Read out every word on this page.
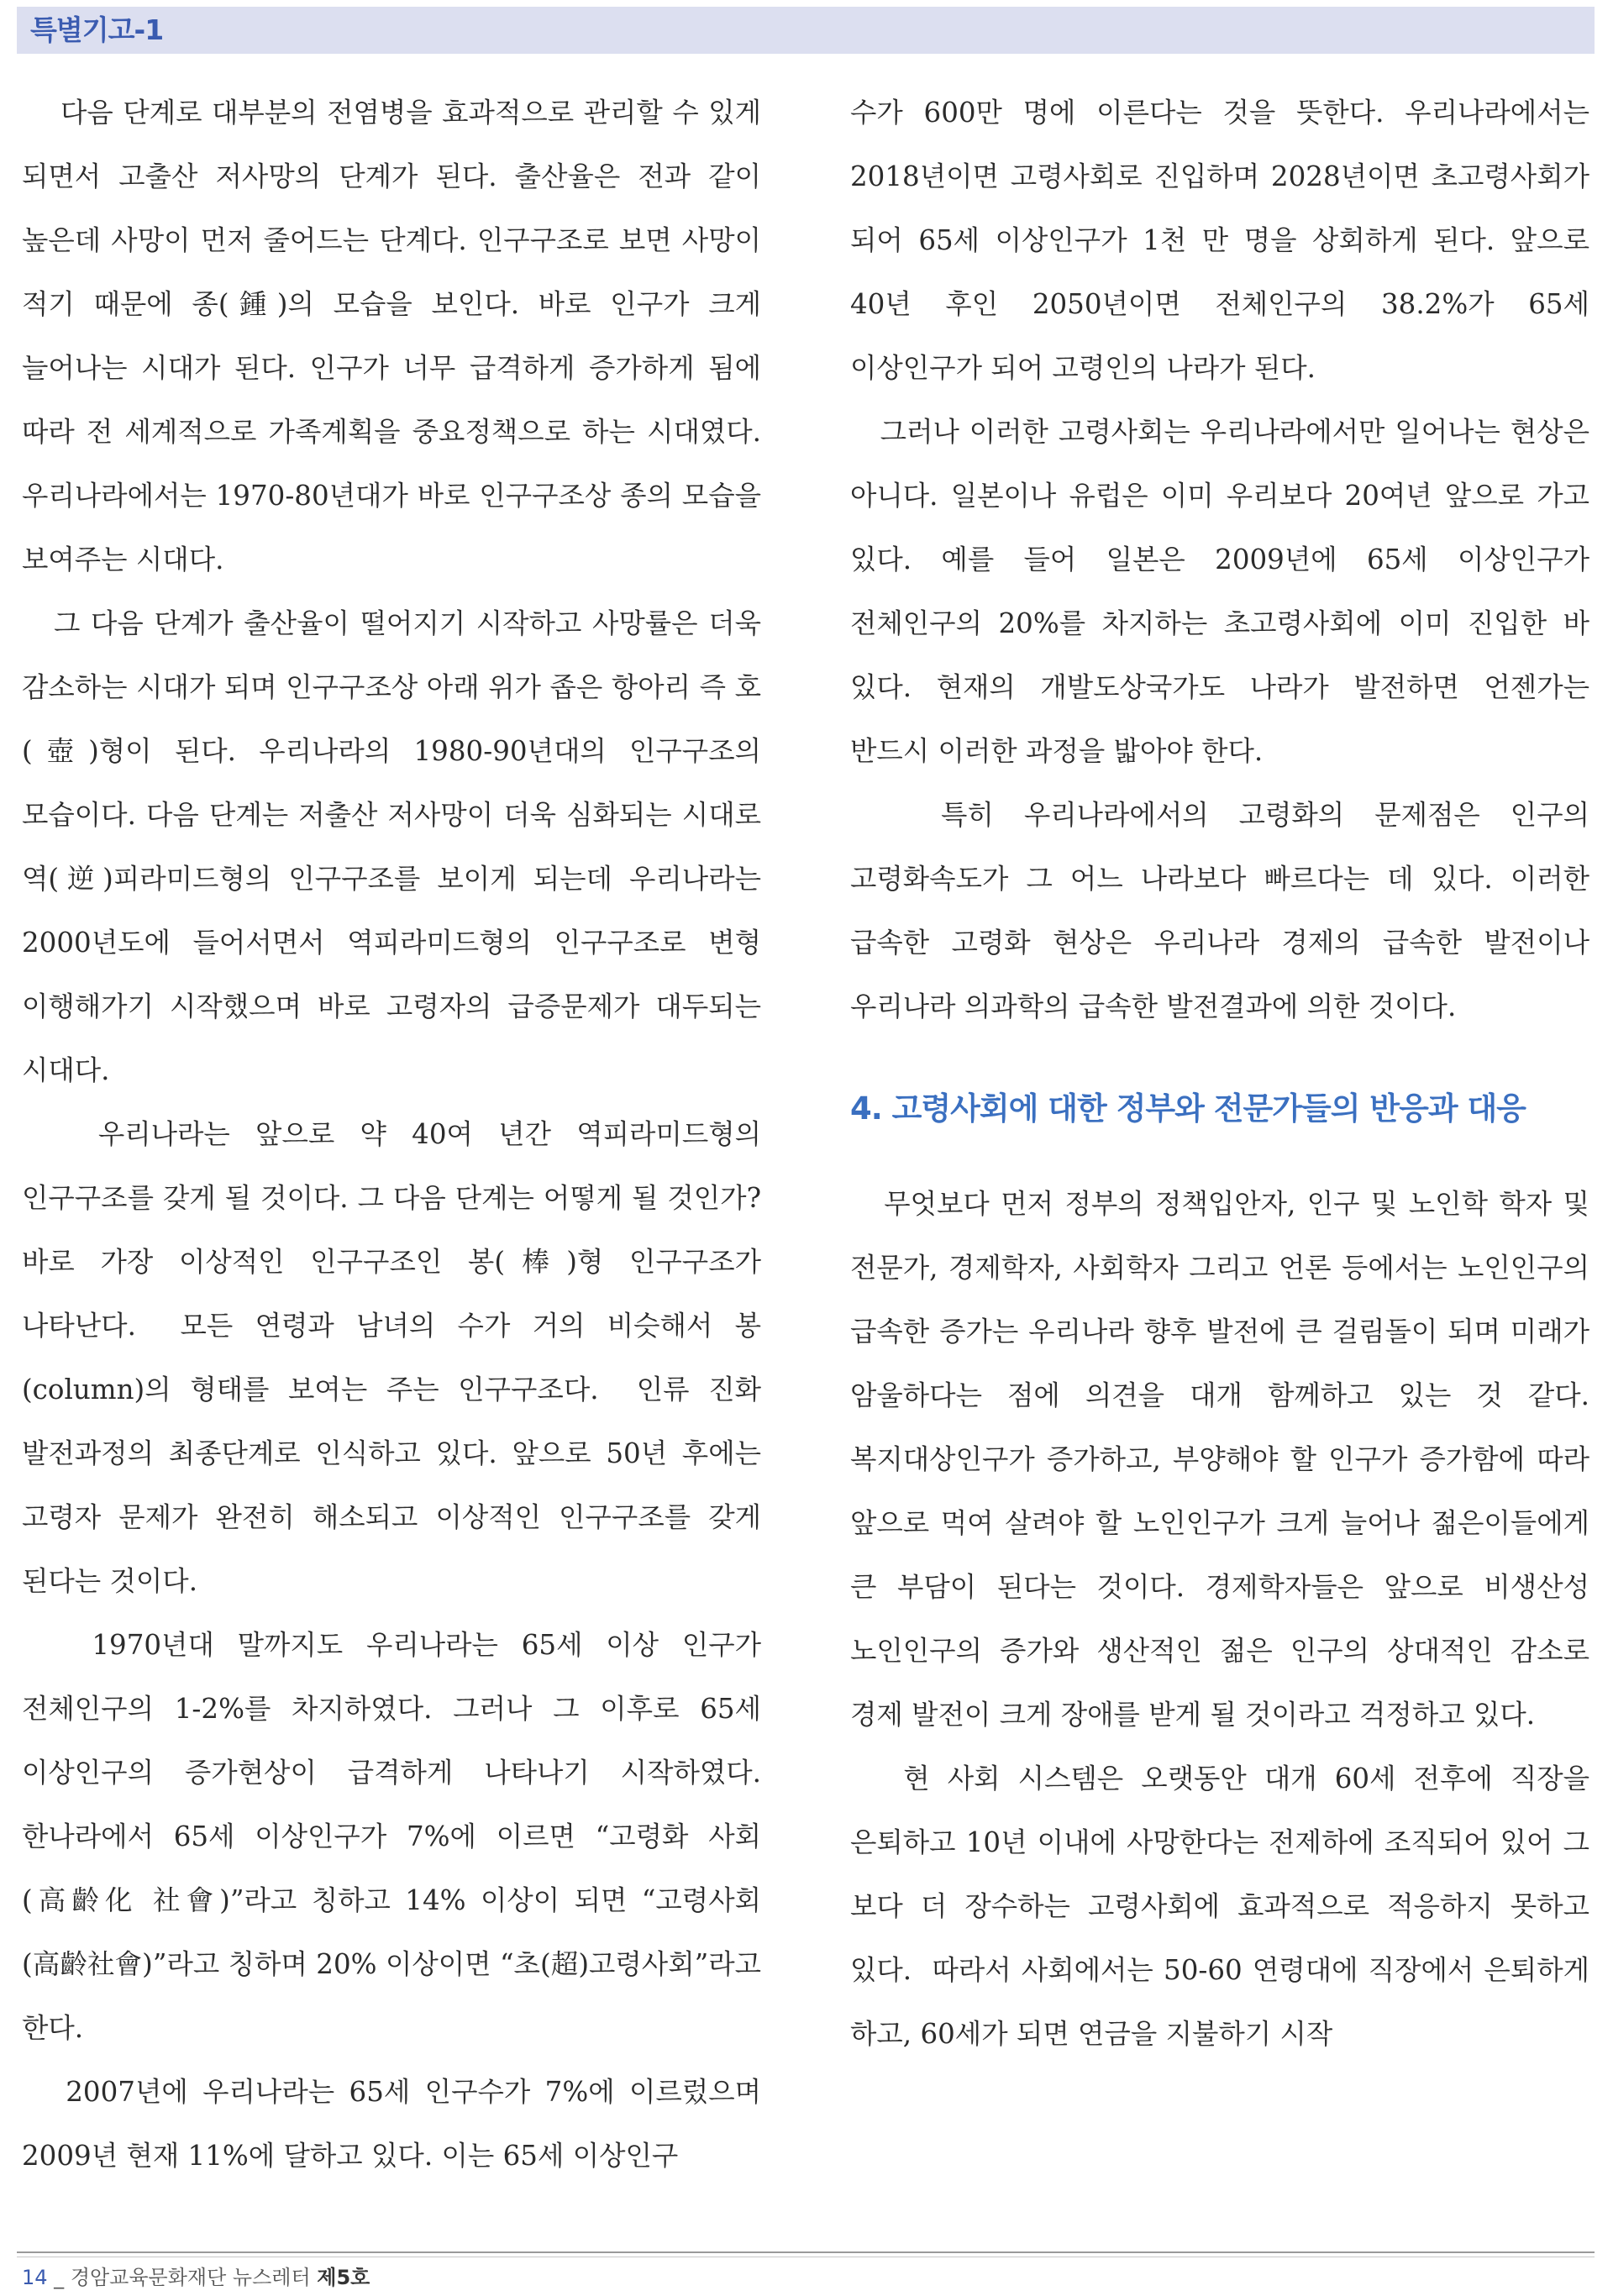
특별기고-1

다음 단계로 대부분의 전염병을 효과적으로 관리할 수 있게 되면서 고출산 저사망의 단계가 된다. 출산율은 전과 같이 높은데 사망이 먼저 줄어드는 단계다. 인구구조로 보면 사망이 적기 때문에 종(鍾)의 모습을 보인다. 바로 인구가 크게 늘어나는 시대가 된다. 인구가 너무 급격하게 증가하게 됨에 따라 전 세계적으로 가족계획을 중요정책으로 하는 시대였다. 우리나라에서는 1970-80년대가 바로 인구구조상 종의 모습을 보여주는 시대다.

그 다음 단계가 출산율이 떨어지기 시작하고 사망률은 더욱 감소하는 시대가 되며 인구구조상 아래 위가 좁은 항아리 즉 호(壺)형이 된다. 우리나라의 1980-90년대의 인구구조의 모습이다. 다음 단계는 저출산 저사망이 더욱 심화되는 시대로 역(逆)피라미드형의 인구구조를 보이게 되는데 우리나라는 2000년도에 들어서면서 역피라미드형의 인구구조로 변형 이행해가기 시작했으며 바로 고령자의 급증문제가 대두되는 시대다.

우리나라는 앞으로 약 40여 년간 역피라미드형의 인구구조를 갖게 될 것이다. 그 다음 단계는 어떻게 될 것인가? 바로 가장 이상적인 인구구조인 봉(棒)형 인구구조가 나타난다.  모든 연령과 남녀의 수가 거의 비슷해서 봉(column)의 형태를 보여는 주는 인구구조다.  인류 진화 발전과정의 최종단계로 인식하고 있다. 앞으로 50년 후에는 고령자 문제가 완전히 해소되고 이상적인 인구구조를 갖게 된다는 것이다.

1970년대 말까지도 우리나라는 65세 이상 인구가 전체인구의 1-2%를 차지하였다. 그러나 그 이후로 65세 이상인구의 증가현상이 급격하게 나타나기 시작하였다. 한나라에서 65세 이상인구가 7%에 이르면 “고령화 사회(高齡化 社會)”라고 칭하고 14% 이상이 되면 “고령사회(高齡社會)”라고 칭하며 20% 이상이면 “초(超)고령사회”라고 한다.

2007년에 우리나라는 65세 인구수가 7%에 이르렀으며 2009년 현재 11%에 달하고 있다. 이는 65세 이상인구

수가 600만 명에 이른다는 것을 뜻한다. 우리나라에서는 2018년이면 고령사회로 진입하며 2028년이면 초고령사회가 되어 65세 이상인구가 1천 만 명을 상회하게 된다. 앞으로 40년 후인 2050년이면 전체인구의 38.2%가 65세 이상인구가 되어 고령인의 나라가 된다.

그러나 이러한 고령사회는 우리나라에서만 일어나는 현상은 아니다. 일본이나 유럽은 이미 우리보다 20여년 앞으로 가고 있다. 예를 들어 일본은 2009년에 65세 이상인구가 전체인구의 20%를 차지하는 초고령사회에 이미 진입한 바 있다. 현재의 개발도상국가도 나라가 발전하면 언젠가는 반드시 이러한 과정을 밟아야 한다.

특히 우리나라에서의 고령화의 문제점은 인구의 고령화속도가 그 어느 나라보다 빠르다는 데 있다. 이러한 급속한 고령화 현상은 우리나라 경제의 급속한 발전이나 우리나라 의과학의 급속한 발전결과에 의한 것이다.

4. 고령사회에 대한 정부와 전문가들의 반응과 대응

무엇보다 먼저 정부의 정책입안자, 인구 및 노인학 학자 및 전문가, 경제학자, 사회학자 그리고 언론 등에서는 노인인구의 급속한 증가는 우리나라 향후 발전에 큰 걸림돌이 되며 미래가 암울하다는 점에 의견을 대개 함께하고 있는 것 같다.  복지대상인구가 증가하고, 부양해야 할 인구가 증가함에 따라 앞으로 먹여 살려야 할 노인인구가 크게 늘어나 젊은이들에게 큰 부담이 된다는 것이다. 경제학자들은 앞으로 비생산성 노인인구의 증가와 생산적인 젊은 인구의 상대적인 감소로 경제 발전이 크게 장애를 받게 될 것이라고 걱정하고 있다.

현 사회 시스템은 오랫동안 대개 60세 전후에 직장을 은퇴하고 10년 이내에 사망한다는 전제하에 조직되어 있어 그 보다 더 장수하는 고령사회에 효과적으로 적응하지 못하고 있다.  따라서 사회에서는 50-60 연령대에 직장에서 은퇴하게 하고, 60세가 되면 연금을 지불하기 시작

14 _ 경암교육문화재단 뉴스레터 제5호
